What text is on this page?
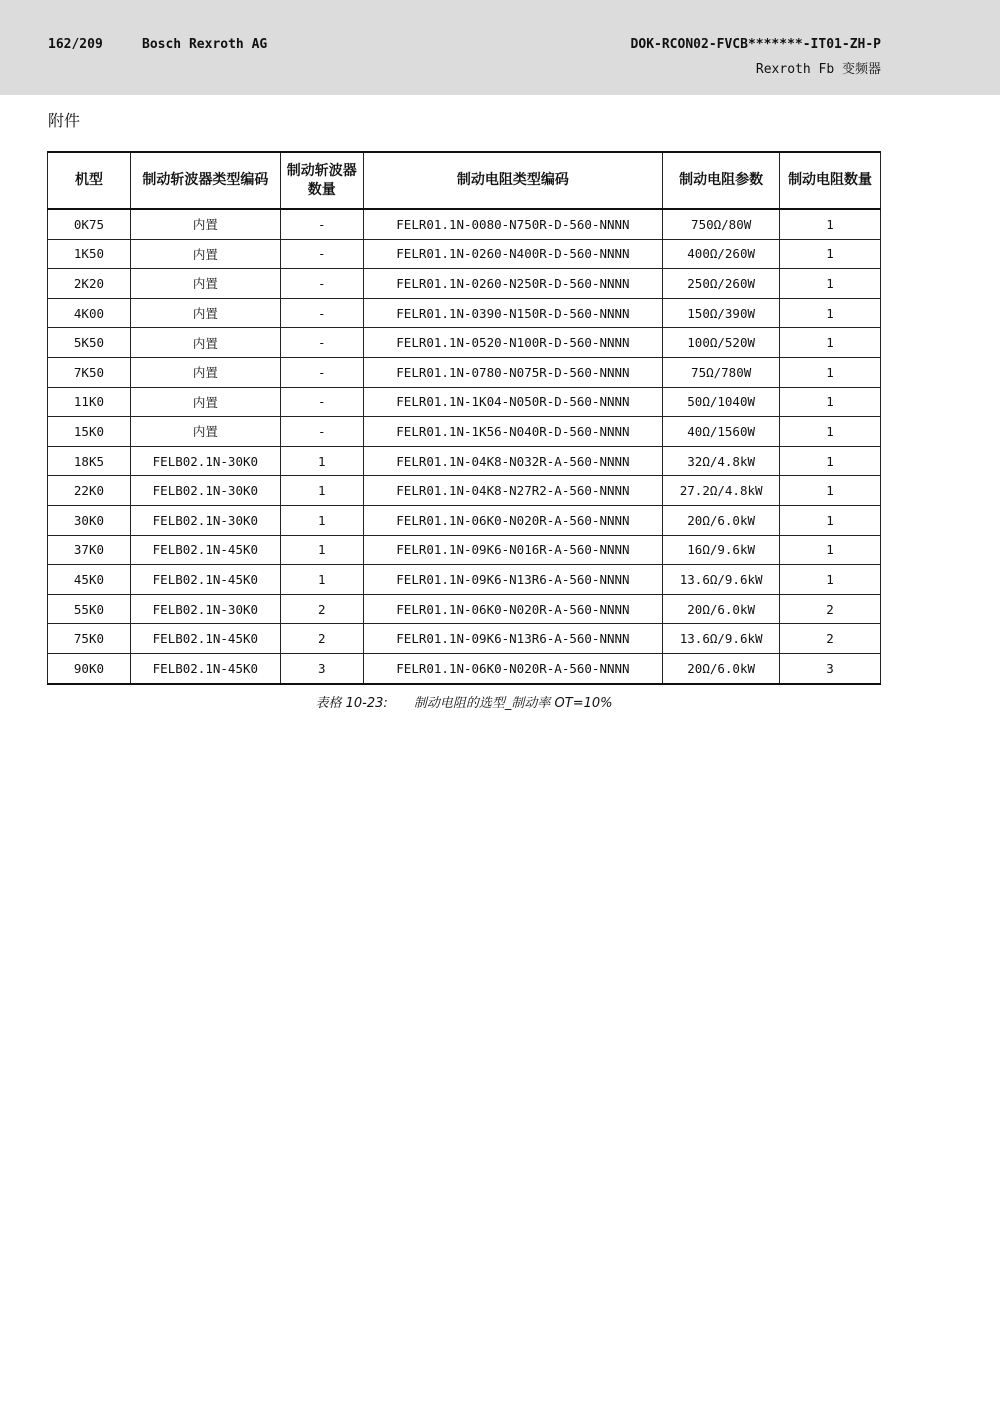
162/209	Bosch Rexroth AG	DOK-RCON02-FVCB*******-IT01-ZH-P
Rexroth Fb 变频器
附件
机型	制动斩波器类型编码	制动斩波器数量	制动电阻类型编码	制动电阻参数	制动电阻数量
0K75	内置	-	FELR01.1N-0080-N750R-D-560-NNNN	750Ω/80W	1
1K50	内置	-	FELR01.1N-0260-N400R-D-560-NNNN	400Ω/260W	1
2K20	内置	-	FELR01.1N-0260-N250R-D-560-NNNN	250Ω/260W	1
4K00	内置	-	FELR01.1N-0390-N150R-D-560-NNNN	150Ω/390W	1
5K50	内置	-	FELR01.1N-0520-N100R-D-560-NNNN	100Ω/520W	1
7K50	内置	-	FELR01.1N-0780-N075R-D-560-NNNN	75Ω/780W	1
11K0	内置	-	FELR01.1N-1K04-N050R-D-560-NNNN	50Ω/1040W	1
15K0	内置	-	FELR01.1N-1K56-N040R-D-560-NNNN	40Ω/1560W	1
18K5	FELB02.1N-30K0	1	FELR01.1N-04K8-N032R-A-560-NNNN	32Ω/4.8kW	1
22K0	FELB02.1N-30K0	1	FELR01.1N-04K8-N27R2-A-560-NNNN	27.2Ω/4.8kW	1
30K0	FELB02.1N-30K0	1	FELR01.1N-06K0-N020R-A-560-NNNN	20Ω/6.0kW	1
37K0	FELB02.1N-45K0	1	FELR01.1N-09K6-N016R-A-560-NNNN	16Ω/9.6kW	1
45K0	FELB02.1N-45K0	1	FELR01.1N-09K6-N13R6-A-560-NNNN	13.6Ω/9.6kW	1
55K0	FELB02.1N-30K0	2	FELR01.1N-06K0-N020R-A-560-NNNN	20Ω/6.0kW	2
75K0	FELB02.1N-45K0	2	FELR01.1N-09K6-N13R6-A-560-NNNN	13.6Ω/9.6kW	2
90K0	FELB02.1N-45K0	3	FELR01.1N-06K0-N020R-A-560-NNNN	20Ω/6.0kW	3
表格 10-23: 制动电阻的选型_制动率 OT=10%
